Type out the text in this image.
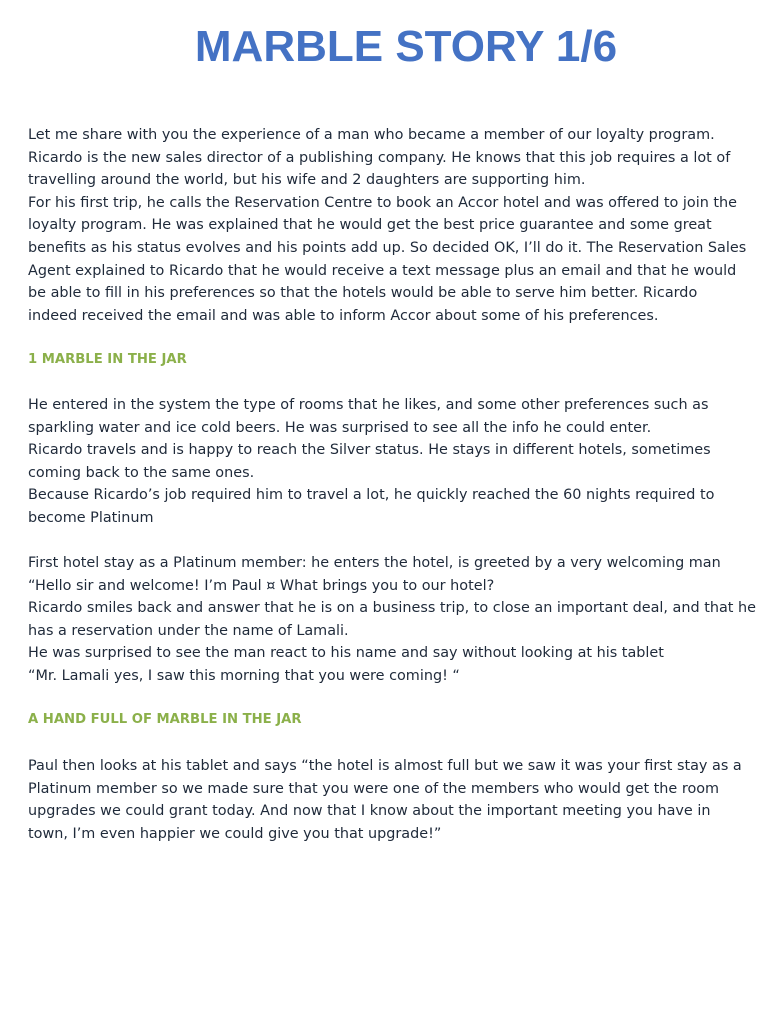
MARBLE STORY 1/6

Let me share with you the experience of a man who became a member of our loyalty program.

Ricardo is the new sales director of a publishing company. He knows that this job requires a lot of

travelling around the world, but his wife and 2 daughters are supporting him.

For his first trip, he calls the Reservation Centre to book an Accor hotel and was offered to join the

loyalty program. He was explained that he would get the best price guarantee and some great

benefits as his status evolves and his points add up. So decided OK, I’ll do it. The Reservation Sales

Agent explained to Ricardo that he would receive a text message plus an email and that he would

be able to fill in his preferences so that the hotels would be able to serve him better. Ricardo

indeed received the email and was able to inform Accor about some of his preferences.

1 MARBLE IN THE JAR

He entered in the system the type of rooms that he likes, and some other preferences such as

sparkling water and ice cold beers. He was surprised to see all the info he could enter.

Ricardo travels and is happy to reach the Silver status. He stays in different hotels, sometimes

coming back to the same ones.

Because Ricardo’s job required him to travel a lot, he quickly reached the 60 nights required to

become Platinum

First hotel stay as a Platinum member: he enters the hotel, is greeted by a very welcoming man

“Hello sir and welcome! I’m Paul ¤ What brings you to our hotel?

Ricardo smiles back and answer that he is on a business trip, to close an important deal, and that he

has a reservation under the name of Lamali.

He was surprised to see the man react to his name and say without looking at his tablet

“Mr. Lamali yes, I saw this morning that you were coming! “

A HAND FULL OF MARBLE IN THE JAR

Paul then looks at his tablet and says “the hotel is almost full but we saw it was your first stay as a

Platinum member so we made sure that you were one of the members who would get the room

upgrades we could grant today. And now that I know about the important meeting you have in

town, I’m even happier we could give you that upgrade!”
